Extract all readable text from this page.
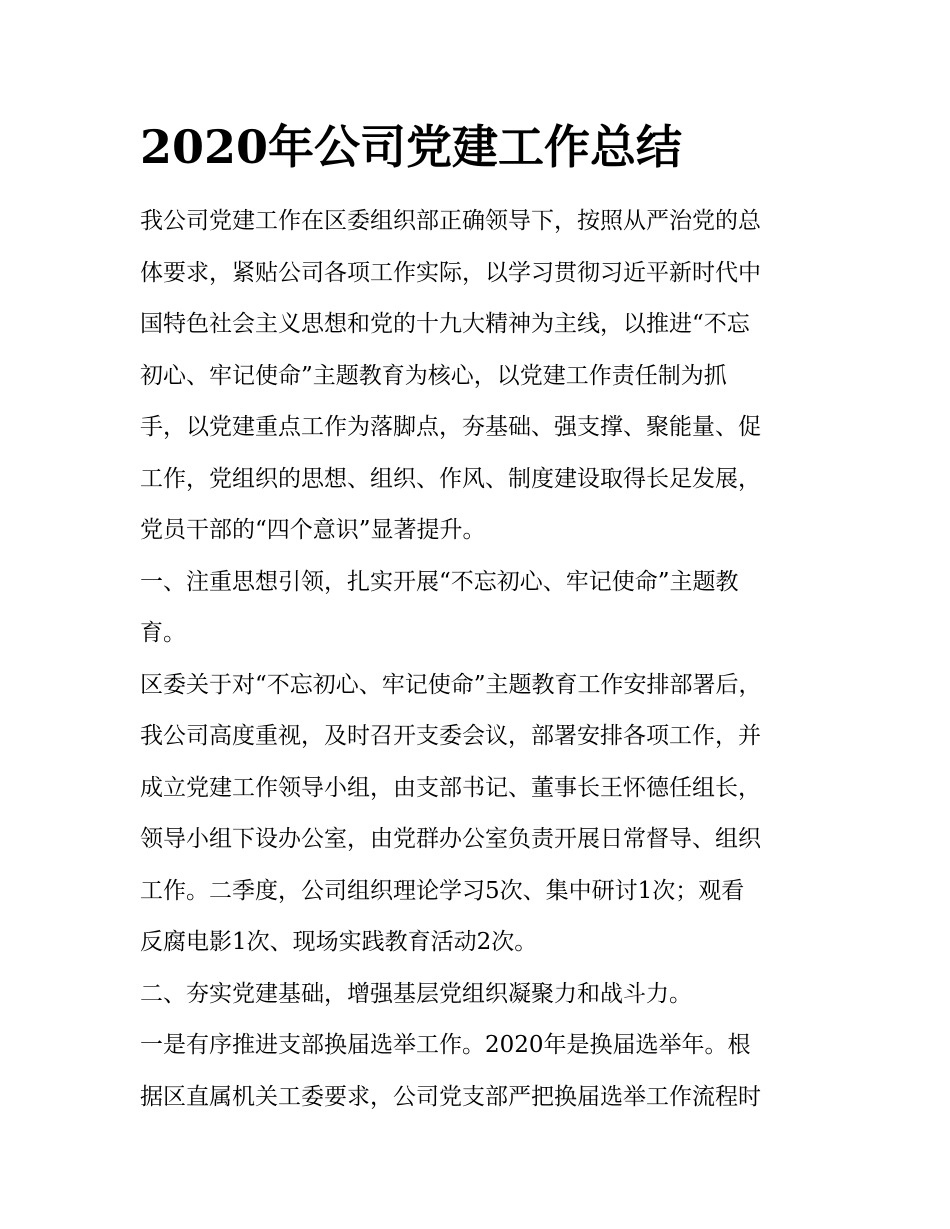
2020年公司党建工作总结
我公司党建工作在区委组织部正确领导下，按照从严治党的总
体要求，紧贴公司各项工作实际，以学习贯彻习近平新时代中
国特色社会主义思想和党的十九大精神为主线，以推进“不忘
初心、牢记使命”主题教育为核心，以党建工作责任制为抓
手，以党建重点工作为落脚点，夯基础、强支撑、聚能量、促
工作，党组织的思想、组织、作风、制度建设取得长足发展，
党员干部的“四个意识”显著提升。
一、注重思想引领，扎实开展“不忘初心、牢记使命”主题教
育。
区委关于对“不忘初心、牢记使命”主题教育工作安排部署后，
我公司高度重视，及时召开支委会议，部署安排各项工作，并
成立党建工作领导小组，由支部书记、董事长王怀德任组长，
领导小组下设办公室，由党群办公室负责开展日常督导、组织
工作。二季度，公司组织理论学习5次、集中研讨1次；观看
反腐电影1次、现场实践教育活动2次。
二、夯实党建基础，增强基层党组织凝聚力和战斗力。
一是有序推进支部换届选举工作。2020年是换届选举年。根
据区直属机关工委要求，公司党支部严把换届选举工作流程时
